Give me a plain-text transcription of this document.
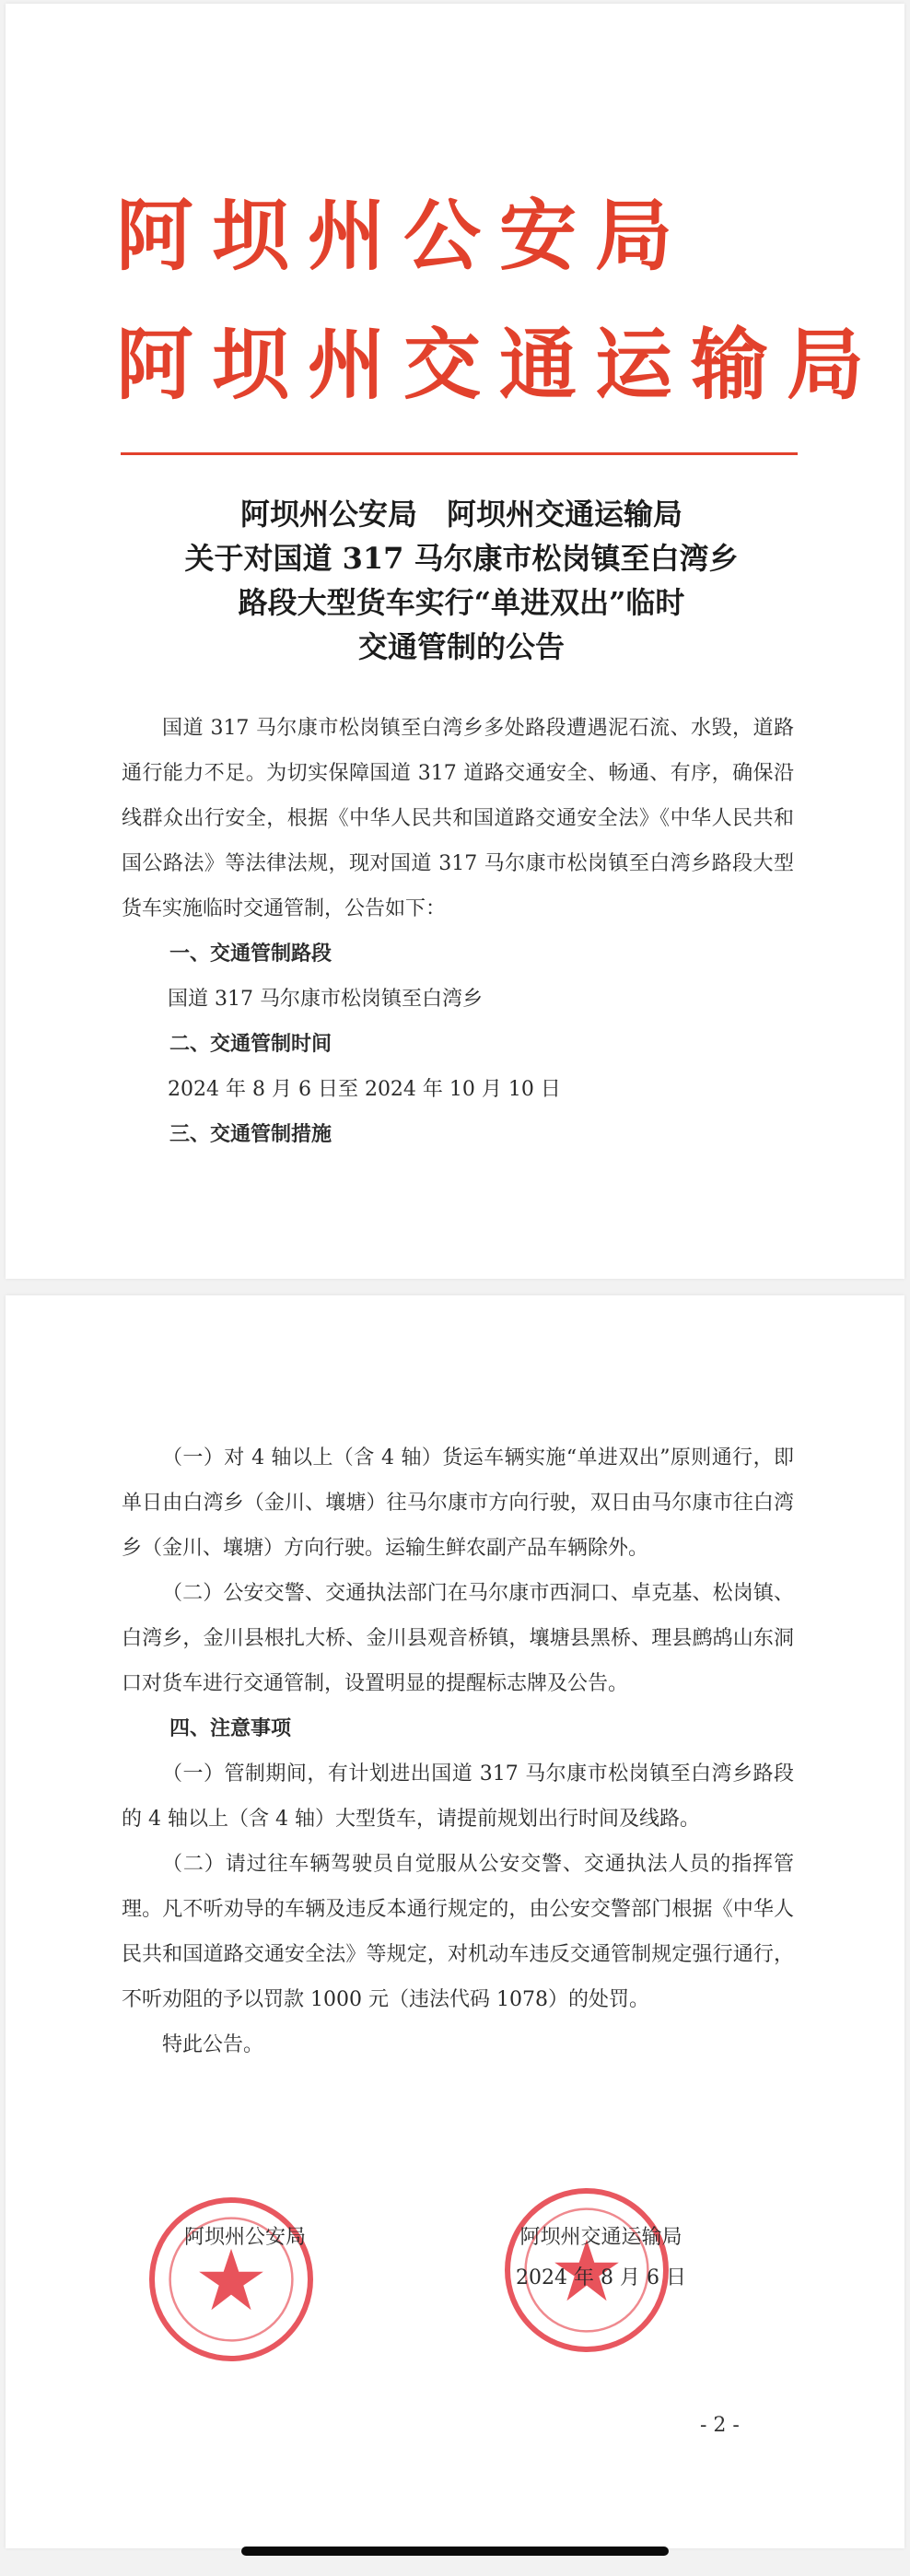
阿坝州公安局
阿坝州交通运输局
阿坝州公安局　阿坝州交通运输局
关于对国道 317 马尔康市松岗镇至白湾乡
路段大型货车实行“单进双出”临时
交通管制的公告

国道 317 马尔康市松岗镇至白湾乡多处路段遭遇泥石流、水毁，道路通行能力不足。为切实保障国道 317 道路交通安全、畅通、有序，确保沿线群众出行安全，根据《中华人民共和国道路交通安全法》《中华人民共和国公路法》等法律法规，现对国道 317 马尔康市松岗镇至白湾乡路段大型货车实施临时交通管制，公告如下：

一、交通管制路段

国道 317 马尔康市松岗镇至白湾乡

二、交通管制时间

2024 年 8 月 6 日至 2024 年 10 月 10 日

三、交通管制措施

（一）对 4 轴以上（含 4 轴）货运车辆实施“单进双出”原则通行，即单日由白湾乡（金川、壤塘）往马尔康市方向行驶，双日由马尔康市往白湾乡（金川、壤塘）方向行驶。运输生鲜农副产品车辆除外。

（二）公安交警、交通执法部门在马尔康市西洞口、卓克基、松岗镇、白湾乡，金川县根扎大桥、金川县观音桥镇，壤塘县黑桥、理县鹧鸪山东洞口对货车进行交通管制，设置明显的提醒标志牌及公告。

四、注意事项

（一）管制期间，有计划进出国道 317 马尔康市松岗镇至白湾乡路段的 4 轴以上（含 4 轴）大型货车，请提前规划出行时间及线路。

（二）请过往车辆驾驶员自觉服从公安交警、交通执法人员的指挥管理。凡不听劝导的车辆及违反本通行规定的，由公安交警部门根据《中华人民共和国道路交通安全法》等规定，对机动车违反交通管制规定强行通行，不听劝阻的予以罚款 1000 元（违法代码 1078）的处罚。

特此公告。

阿坝州公安局	阿坝州交通运输局
2024 年 8 月 6 日
- 2 -
